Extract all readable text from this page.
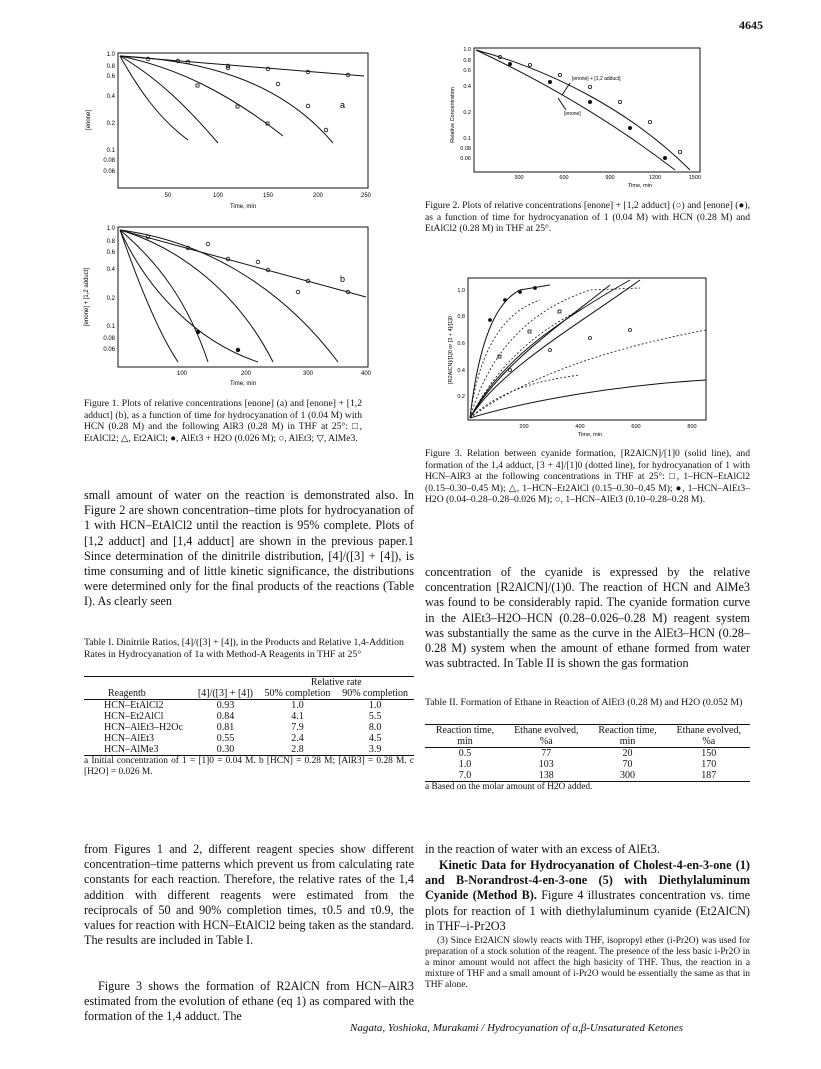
4645
1.0
0.8
0.6
0.4
0.2
0.1
0.08
0.06
50	100	150	200	250
Time, min
[enone]
a
1.0
0.8
0.6
0.4
0.2
0.1
0.08
0.06
100	200	300	400
Time, min
[enone] + [1,2 adduct]	b
Figure 1. Plots of relative concentrations [enone] (a) and [enone] + [1,2 adduct] (b), as a function of time for hydrocyanation of 1 (0.04 M) with HCN (0.28 M) and the following AlR3 (0.28 M) in THF at 25°: □, EtAlCl2; △, Et2AlCl; ●, AlEt3 + H2O (0.026 M); ○, AlEt3; ▽, AlMe3.
small amount of water on the reaction is demonstrated also. In Figure 2 are shown concentration–time plots for hydrocyanation of 1 with HCN–EtAlCl2 until the reaction is 95% complete. Plots of [1,2 adduct] and [1,4 adduct] are shown in the previous paper.1 Since determination of the dinitrile distribution, [4]/([3] + [4]), is time consuming and of little kinetic significance, the distributions were determined only for the final products of the reactions (Table I). As clearly seen
Table I. Dinitrile Ratios, [4]/([3] + [4]), in the Products and Relative 1,4-Addition Rates in Hydrocyanation of 1a with Method-A Reagents in THF at 25°
		Relative rate	
Reagentb	[4]/([3] + [4])	50% completion	90% completion
HCN–EtAlCl2	0.93	1.0	1.0
HCN–Et2AlCl	0.84	4.1	5.5
HCN–AlEt3–H2Oc	0.81	7.9	8.0
HCN–AlEt3	0.55	2.4	4.5
HCN–AlMe3	0.30	2.8	3.9

a Initial concentration of 1 = [1]0 = 0.04 M. b [HCN] = 0.28 M; [AlR3] = 0.28 M. c [H2O] = 0.026 M.
from Figures 1 and 2, different reagent species show different concentration–time patterns which prevent us from calculating rate constants for each reaction. Therefore, the relative rates of the 1,4 addition with different reagents were estimated from the reciprocals of 50 and 90% completion times, τ0.5 and τ0.9, the values for reaction with HCN–EtAlCl2 being taken as the standard. The results are included in Table I.
Figure 3 shows the formation of R2AlCN from HCN–AlR3 estimated from the evolution of ethane (eq 1) as compared with the formation of the 1,4 adduct. The
1.0
0.8
0.6
0.4
0.2
0.1
0.08
0.06
300	600	900	1200	1500
Time, min
Relative Concentration
[enone] + [1,2 adduct]
[enone]
Figure 2. Plots of relative concentrations [enone] + [1,2 adduct] (○) and [enone] (●), as a function of time for hydrocyanation of 1 (0.04 M) with HCN (0.28 M) and EtAlCl2 (0.28 M) in THF at 25°.
1.0
0.8
0.6
0.4
0.2
200	400	600	800
Time, min
[R2AlCN]/[1]0 or [3 + 4]/[1]0
Figure 3. Relation between cyanide formation, [R2AlCN]/[1]0 (solid line), and formation of the 1,4 adduct, [3 + 4]/[1]0 (dotted line), for hydrocyanation of 1 with HCN–AlR3 at the following concentrations in THF at 25°: □, 1–HCN–EtAlCl2 (0.15–0.30–0.45 M); △, 1–HCN–Et2AlCl (0.15–0.30–0.45 M); ●, 1–HCN–AlEt3–H2O (0.04–0.28–0.28–0.026 M); ○, 1–HCN–AlEt3 (0.10–0.28–0.28 M).
concentration of the cyanide is expressed by the relative concentration [R2AlCN]/(1)0. The reaction of HCN and AlMe3 was found to be considerably rapid. The cyanide formation curve in the AlEt3–H2O–HCN (0.28–0.026–0.28 M) reagent system was substantially the same as the curve in the AlEt3–HCN (0.28–0.28 M) system when the amount of ethane formed from water was subtracted. In Table II is shown the gas formation
Table II. Formation of Ethane in Reaction of AlEt3 (0.28 M) and H2O (0.052 M)
Reaction time, min	Ethane evolved, %a	Reaction time, min	Ethane evolved, %a
0.5	77	20	150
1.0	103	70	170
7.0	138	300	187

a Based on the molar amount of H2O added.
in the reaction of water with an excess of AlEt3.
Kinetic Data for Hydrocyanation of Cholest-4-en-3-one (1) and B-Norandrost-4-en-3-one (5) with Diethylaluminum Cyanide (Method B). Figure 4 illustrates concentration vs. time plots for reaction of 1 with diethylaluminum cyanide (Et2AlCN) in THF–i-Pr2O3
(3) Since Et2AlCN slowly reacts with THF, isopropyl ether (i-Pr2O) was used for preparation of a stock solution of the reagent. The presence of the less basic i-Pr2O in a minor amount would not affect the high basicity of THF. Thus, the reaction in a mixture of THF and a small amount of i-Pr2O would be essentially the same as that in THF alone.
Nagata, Yoshioka, Murakami / Hydrocyanation of α,β-Unsaturated Ketones
